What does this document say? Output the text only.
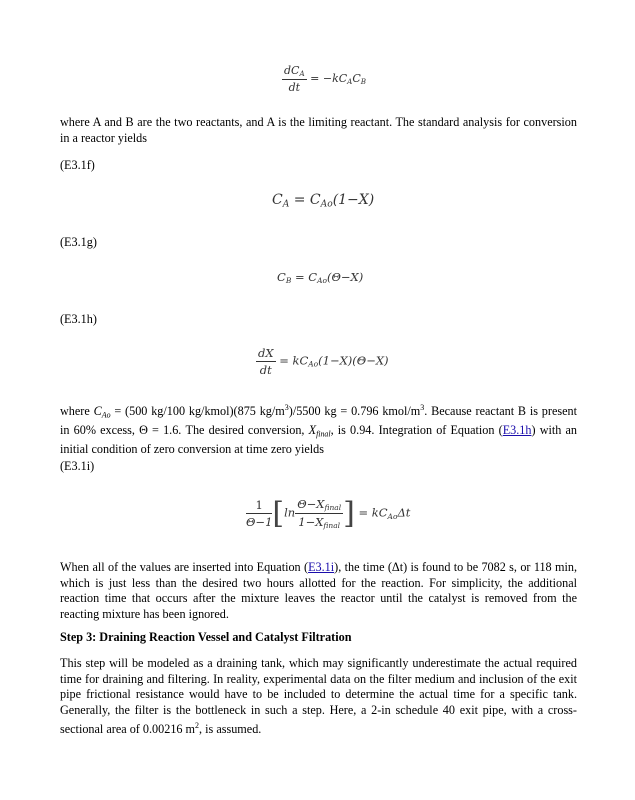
$\frac{dC_A}{dt} = -kC_AC_B$

where A and B are the two reactants, and A is the limiting reactant. The standard analysis for conversion in a reactor yields

(E3.1f)

$C_A = C_{Ao}(1-X)$

(E3.1g)

$C_B = C_{Ao}(\Theta-X)$

(E3.1h)

$\frac{dX}{dt} = kC_{Ao}(1-X)(\Theta-X)$

where $C_{Ao} = (500$ kg/100 kg/kmol)(875 $kg/m^3)/5500$ kg = 0.796 kmol/$m^3$. Because reactant B is present in 60% excess, Θ = 1.6. The desired conversion, $X_{final}$, is 0.94. Integration of Equation (E3.1h) with an initial condition of zero conversion at time zero yields

(E3.1i)

$\frac{1}{\Theta-1} [\ln \frac{\Theta-X_{final}}{1-X_{final}}$ ] = $kC_{Ao}\Delta t$

When all of the values are inserted into Equation (E3.1i), the time (Δt) is found to be 7082 s, or 118 min, which is just less than the desired two hours allotted for the reaction. For simplicity, the additional reaction time that occurs after the mixture leaves the reactor until the catalyst is removed from the reacting mixture has been ignored.

Step 3: Draining Reaction Vessel and Catalyst Filtration

This step will be modeled as a draining tank, which may significantly underestimate the actual required time for draining and filtering. In reality, experimental data on the filter medium and inclusion of the exit pipe frictional resistance would have to be included to determine the actual time for a specific tank. Generally, the filter is the bottleneck in such a step. Here, a 2-in schedule 40 exit pipe, with a cross-sectional area of 0.00216 $m^2$, is assumed.
